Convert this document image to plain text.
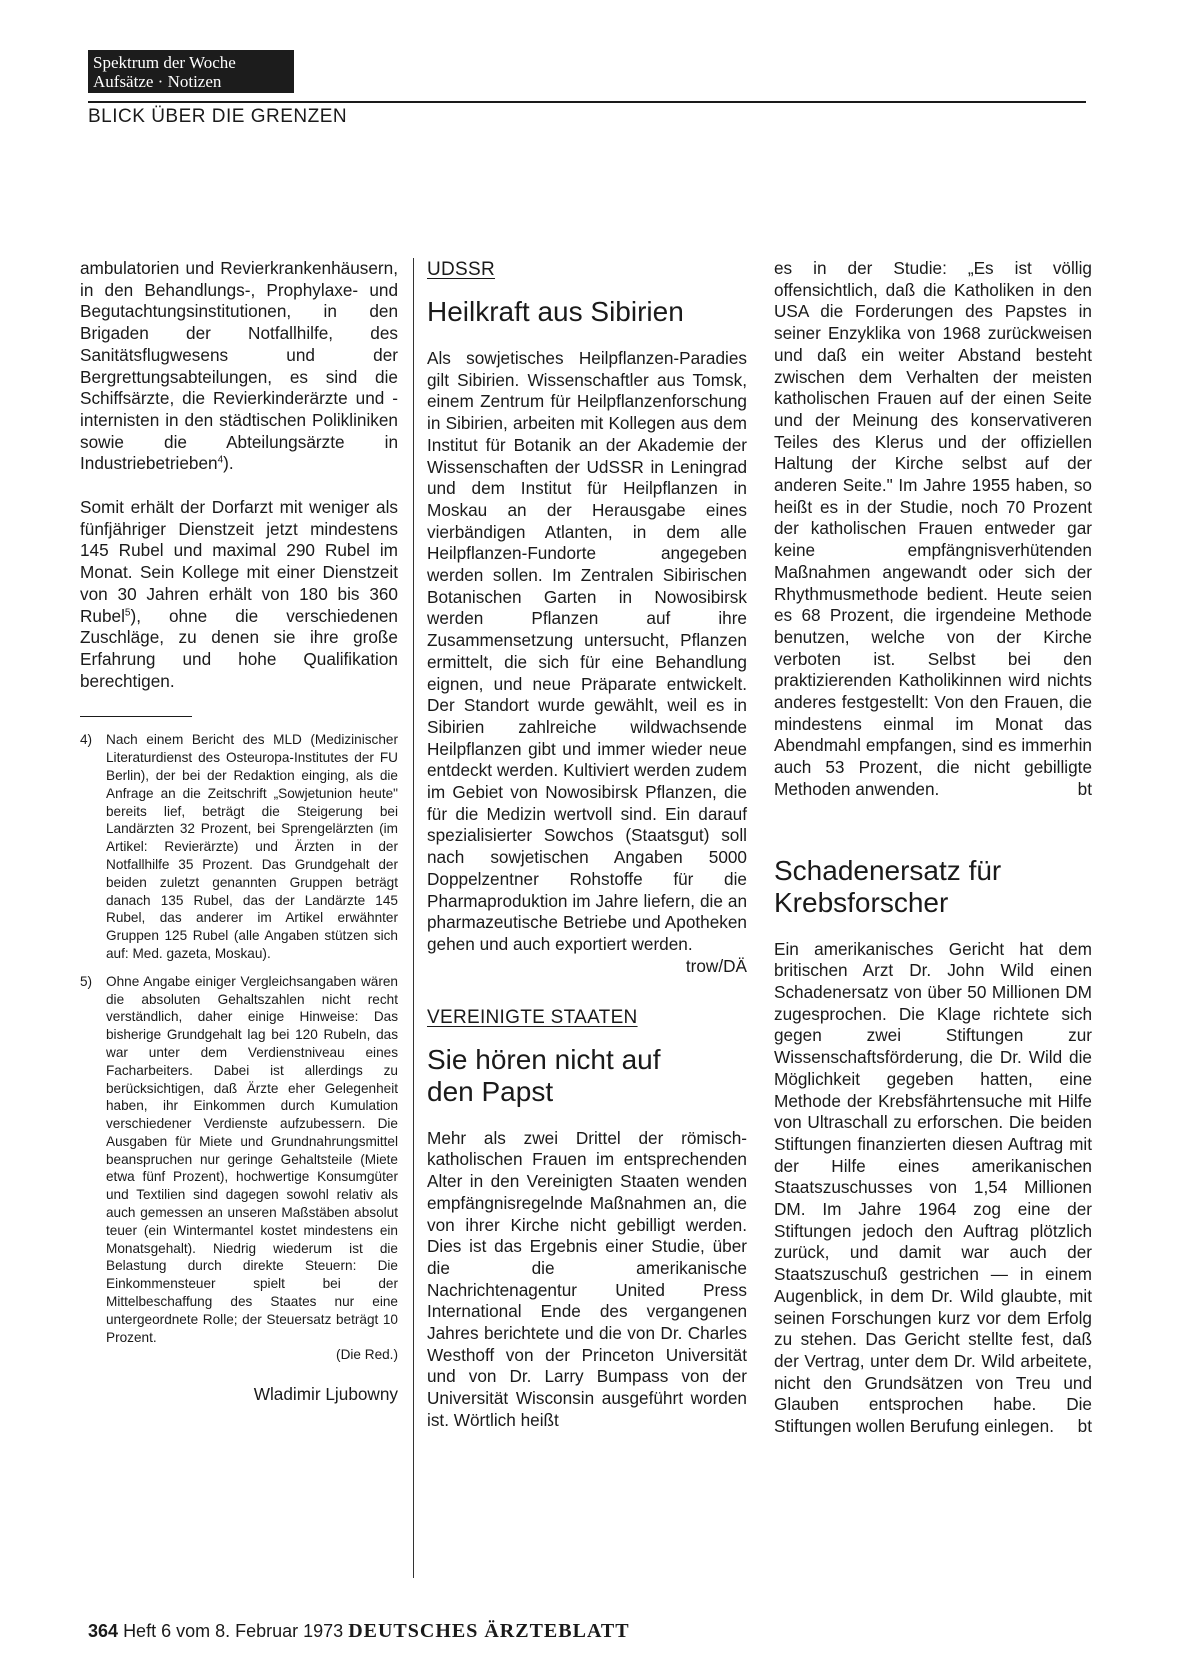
Spektrum der Woche
Aufsätze · Notizen
BLICK ÜBER DIE GRENZEN

ambulatorien und Revierkrankenhäusern, in den Behandlungs-, Prophylaxe- und Begutachtungsinstitutionen, in den Brigaden der Notfallhilfe, des Sanitätsflugwesens und der Bergrettungsabteilungen, es sind die Schiffsärzte, die Revierkinderärzte und -internisten in den städtischen Polikliniken sowie die Abteilungsärzte in Industriebetrieben$^4$).

Somit erhält der Dorfarzt mit weniger als fünfjähriger Dienstzeit jetzt mindestens 145 Rubel und maximal 290 Rubel im Monat. Sein Kollege mit einer Dienstzeit von 30 Jahren erhält von 180 bis 360 Rubel$^5$), ohne die verschiedenen Zuschläge, zu denen sie ihre große Erfahrung und hohe Qualifikation berechtigen.

4)	Nach einem Bericht des MLD (Medizinischer Literaturdienst des Osteuropa-Institutes der FU Berlin), der bei der Redaktion einging, als die Anfrage an die Zeitschrift „Sowjetunion heute" bereits lief, beträgt die Steigerung bei Landärzten 32 Prozent, bei Sprengelärzten (im Artikel: Revierärzte) und Ärzten in der Notfallhilfe 35 Prozent. Das Grundgehalt der beiden zuletzt genannten Gruppen beträgt danach 135 Rubel, das der Landärzte 145 Rubel, das anderer im Artikel erwähnter Gruppen 125 Rubel (alle Angaben stützen sich auf: Med. gazeta, Moskau).
5)	Ohne Angabe einiger Vergleichsangaben wären die absoluten Gehaltszahlen nicht recht verständlich, daher einige Hinweise: Das bisherige Grundgehalt lag bei 120 Rubeln, das war unter dem Verdienstniveau eines Facharbeiters. Dabei ist allerdings zu berücksichtigen, daß Ärzte eher Gelegenheit haben, ihr Einkommen durch Kumulation verschiedener Verdienste aufzubessern. Die Ausgaben für Miete und Grundnahrungsmittel beanspruchen nur geringe Gehaltsteile (Miete etwa fünf Prozent), hochwertige Konsumgüter und Textilien sind dagegen sowohl relativ als auch gemessen an unseren Maßstäben absolut teuer (ein Wintermantel kostet mindestens ein Monatsgehalt). Niedrig wiederum ist die Belastung durch direkte Steuern: Die Einkommensteuer spielt bei der Mittelbeschaffung des Staates nur eine untergeordnete Rolle; der Steuersatz beträgt 10 Prozent.

(Die Red.)

Wladimir Ljubowny

UDSSR
Heilkraft aus Sibirien

Als sowjetisches Heilpflanzen-Paradies gilt Sibirien. Wissenschaftler aus Tomsk, einem Zentrum für Heilpflanzenforschung in Sibirien, arbeiten mit Kollegen aus dem Institut für Botanik an der Akademie der Wissenschaften der UdSSR in Leningrad und dem Institut für Heilpflanzen in Moskau an der Herausgabe eines vierbändigen Atlanten, in dem alle Heilpflanzen-Fundorte angegeben werden sollen. Im Zentralen Sibirischen Botanischen Garten in Nowosibirsk werden Pflanzen auf ihre Zusammensetzung untersucht, Pflanzen ermittelt, die sich für eine Behandlung eignen, und neue Präparate entwickelt. Der Standort wurde gewählt, weil es in Sibirien zahlreiche wildwachsende Heilpflanzen gibt und immer wieder neue entdeckt werden. Kultiviert werden zudem im Gebiet von Nowosibirsk Pflanzen, die für die Medizin wertvoll sind. Ein darauf spezialisierter Sowchos (Staatsgut) soll nach sowjetischen Angaben 5000 Doppelzentner Rohstoffe für die Pharmaproduktion im Jahre liefern, die an pharmazeutische Betriebe und Apotheken gehen und auch exportiert werden.
trow/DÄ

VEREINIGTE STAATEN
Sie hören nicht auf den Papst

Mehr als zwei Drittel der römisch-katholischen Frauen im entsprechenden Alter in den Vereinigten Staaten wenden empfängnisregelnde Maßnahmen an, die von ihrer Kirche nicht gebilligt werden. Dies ist das Ergebnis einer Studie, über die die amerikanische Nachrichtenagentur United Press International Ende des vergangenen Jahres berichtete und die von Dr. Charles Westhoff von der Princeton Universität und von Dr. Larry Bumpass von der Universität Wisconsin ausgeführt worden ist. Wörtlich heißt

es in der Studie: „Es ist völlig offensichtlich, daß die Katholiken in den USA die Forderungen des Papstes in seiner Enzyklika von 1968 zurückweisen und daß ein weiter Abstand besteht zwischen dem Verhalten der meisten katholischen Frauen auf der einen Seite und der Meinung des konservativeren Teiles des Klerus und der offiziellen Haltung der Kirche selbst auf der anderen Seite." Im Jahre 1955 haben, so heißt es in der Studie, noch 70 Prozent der katholischen Frauen entweder gar keine empfängnisverhütenden Maßnahmen angewandt oder sich der Rhythmusmethode bedient. Heute seien es 68 Prozent, die irgendeine Methode benutzen, welche von der Kirche verboten ist. Selbst bei den praktizierenden Katholikinnen wird nichts anderes festgestellt: Von den Frauen, die mindestens einmal im Monat das Abendmahl empfangen, sind es immerhin auch 53 Prozent, die nicht gebilligte Methoden anwenden.	bt

Schadenersatz für Krebsforscher

Ein amerikanisches Gericht hat dem britischen Arzt Dr. John Wild einen Schadenersatz von über 50 Millionen DM zugesprochen. Die Klage richtete sich gegen zwei Stiftungen zur Wissenschaftsförderung, die Dr. Wild die Möglichkeit gegeben hatten, eine Methode der Krebsfährtensuche mit Hilfe von Ultraschall zu erforschen. Die beiden Stiftungen finanzierten diesen Auftrag mit der Hilfe eines amerikanischen Staatszuschusses von 1,54 Millionen DM. Im Jahre 1964 zog eine der Stiftungen jedoch den Auftrag plötzlich zurück, und damit war auch der Staatszuschuß gestrichen — in einem Augenblick, in dem Dr. Wild glaubte, mit seinen Forschungen kurz vor dem Erfolg zu stehen. Das Gericht stellte fest, daß der Vertrag, unter dem Dr. Wild arbeitete, nicht den Grundsätzen von Treu und Glauben entsprochen habe. Die Stiftungen wollen Berufung einlegen. bt

364 Heft 6 vom 8. Februar 1973 DEUTSCHES ÄRZTEBLATT
